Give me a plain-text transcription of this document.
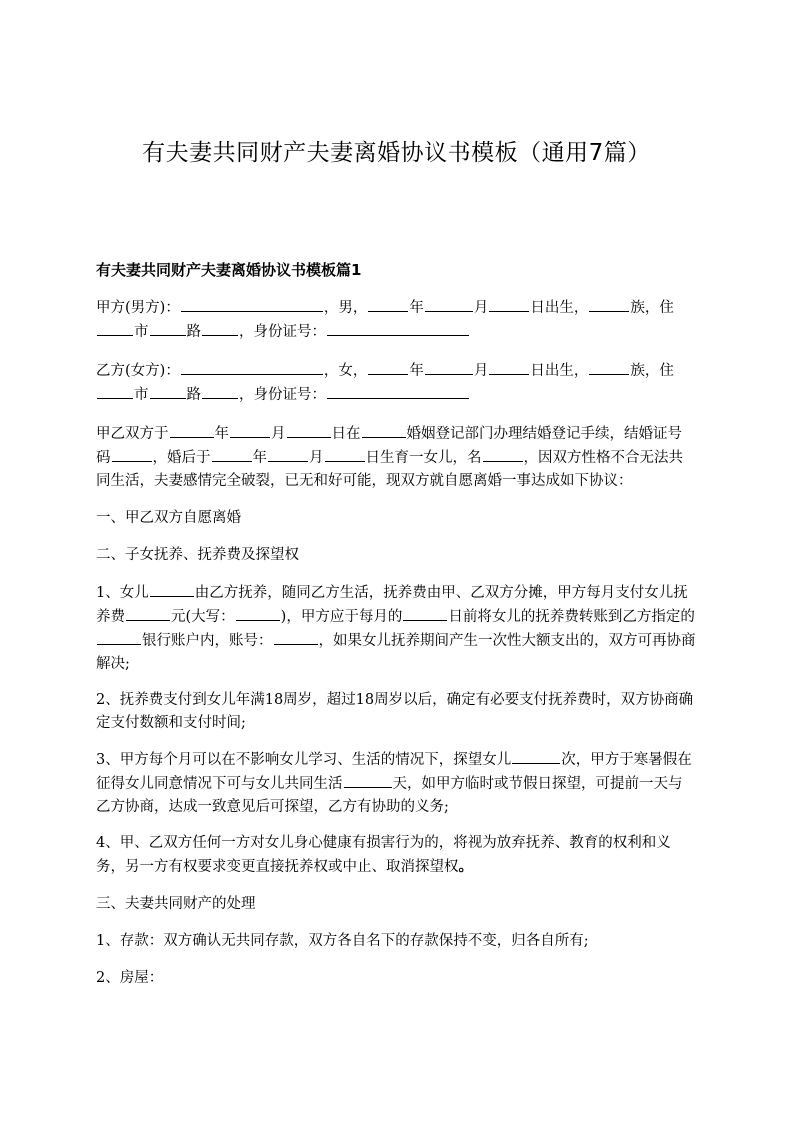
有夫妻共同财产夫妻离婚协议书模板（通用7篇）
有夫妻共同财产夫妻离婚协议书模板篇1

甲方(男方)：	，男，	年	月	日出生，	族，住市	路	，身份证号：

乙方(女方)：	，女，	年	月	日出生，	族，住市	路	，身份证号：

甲乙双方于	年	月	日在	婚姻登记部门办理结婚登记手续，结婚证号码	，婚后于	年	月	日生育一女儿，名	，因双方性格不合无法共同生活，夫妻感情完全破裂，已无和好可能，现双方就自愿离婚一事达成如下协议：

一、甲乙双方自愿离婚

二、子女抚养、抚养费及探望权

1、女儿	由乙方抚养，随同乙方生活，抚养费由甲、乙双方分摊，甲方每月支付女儿抚养费	元(大写：	)，甲方应于每月的	日前将女儿的抚养费转账到乙方指定的银行账户内，账号：	，如果女儿抚养期间产生一次性大额支出的，双方可再协商解决;

2、抚养费支付到女儿年满18周岁，超过18周岁以后，确定有必要支付抚养费时，双方协商确定支付数额和支付时间;

3、甲方每个月可以在不影响女儿学习、生活的情况下，探望女儿	次，甲方于寒暑假在征得女儿同意情况下可与女儿共同生活	天，如甲方临时或节假日探望，可提前一天与乙方协商，达成一致意见后可探望，乙方有协助的义务;

4、甲、乙双方任何一方对女儿身心健康有损害行为的，将视为放弃抚养、教育的权利和义务，另一方有权要求变更直接抚养权或中止、取消探望权。

三、夫妻共同财产的处理

1、存款：双方确认无共同存款，双方各自名下的存款保持不变，归各自所有;

2、房屋：
